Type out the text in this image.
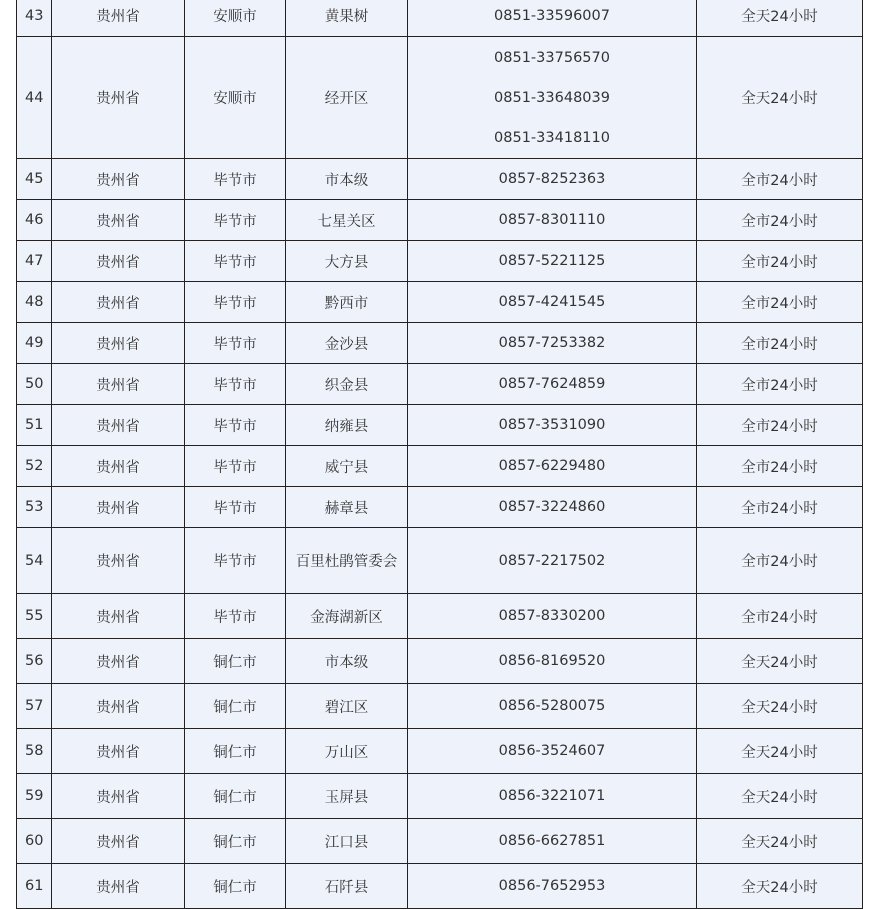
43	贵州省	安顺市	黄果树	0851-33596007	全天24小时
44	贵州省	安顺市	经开区	0851-33756570
0851-33648039
0851-33418110	全天24小时
45	贵州省	毕节市	市本级	0857-8252363	全市24小时
46	贵州省	毕节市	七星关区	0857-8301110	全市24小时
47	贵州省	毕节市	大方县	0857-5221125	全市24小时
48	贵州省	毕节市	黔西市	0857-4241545	全市24小时
49	贵州省	毕节市	金沙县	0857-7253382	全市24小时
50	贵州省	毕节市	织金县	0857-7624859	全市24小时
51	贵州省	毕节市	纳雍县	0857-3531090	全市24小时
52	贵州省	毕节市	威宁县	0857-6229480	全市24小时
53	贵州省	毕节市	赫章县	0857-3224860	全市24小时
54	贵州省	毕节市	百里杜鹃管委会	0857-2217502	全市24小时
55	贵州省	毕节市	金海湖新区	0857-8330200	全市24小时
56	贵州省	铜仁市	市本级	0856-8169520	全天24小时
57	贵州省	铜仁市	碧江区	0856-5280075	全天24小时
58	贵州省	铜仁市	万山区	0856-3524607	全天24小时
59	贵州省	铜仁市	玉屏县	0856-3221071	全天24小时
60	贵州省	铜仁市	江口县	0856-6627851	全天24小时
61	贵州省	铜仁市	石阡县	0856-7652953	全天24小时
